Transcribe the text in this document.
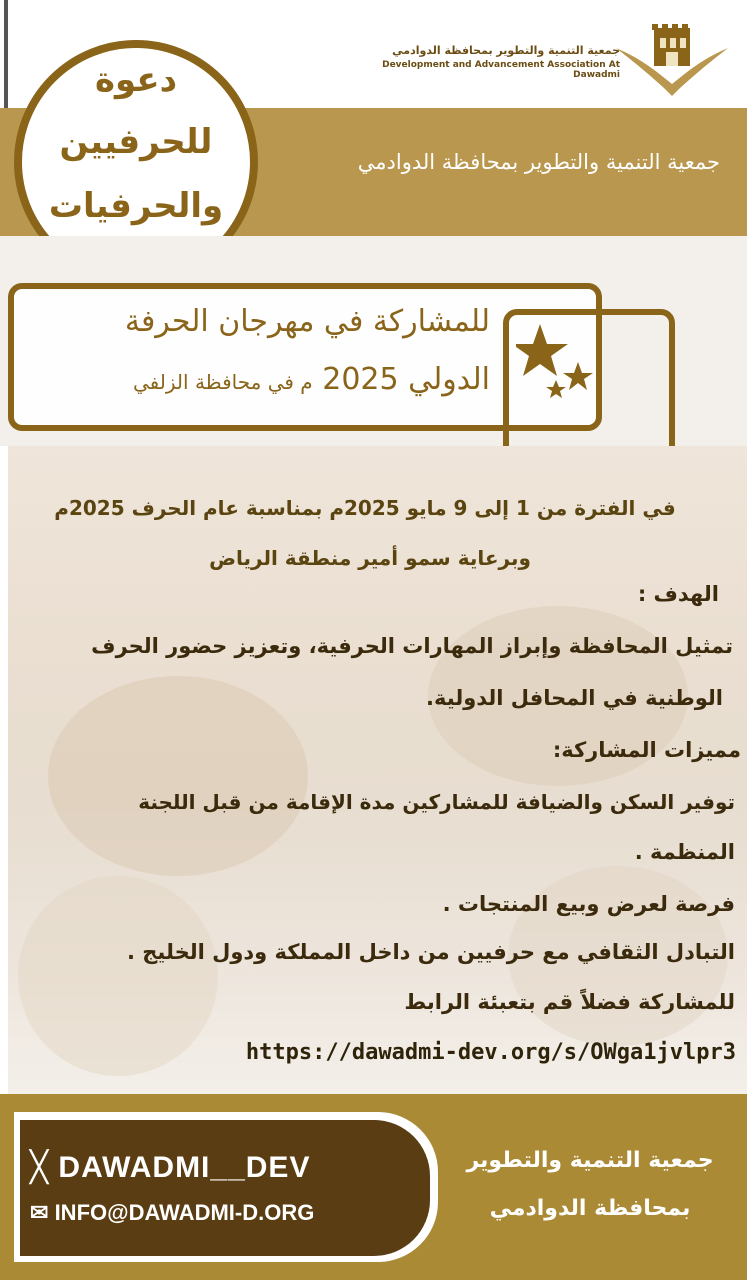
جمعية التنمية والتطوير بمحافظة الدوادمي
Development and Advancement Association At Dawadmi
جمعية التنمية والتطوير بمحافظة الدوادمي
دعوة
للحرفيين
والحرفيات
للمشاركة في مهرجان الحرفة
الدولي 2025 م في محافظة الزلفي
في الفترة من 1 إلى 9 مايو 2025م بمناسبة عام الحرف 2025م
وبرعاية سمو أمير منطقة الرياض
الهدف :
تمثيل المحافظة وإبراز المهارات الحرفية، وتعزيز حضور الحرف
الوطنية في المحافل الدولية.
مميزات المشاركة:
توفير السكن والضيافة للمشاركين مدة الإقامة من قبل اللجنة
المنظمة .
فرصة لعرض وبيع المنتجات .
التبادل الثقافي مع حرفيين من داخل المملكة ودول الخليج .
للمشاركة فضلاً قم بتعبئة الرابط
https://dawadmi-dev.org/s/OWga1jvlpr3
╳ DAWADMI__DEV
✉ INFO@DAWADMI-D.ORG
جمعية التنمية والتطوير
بمحافظة الدوادمي
